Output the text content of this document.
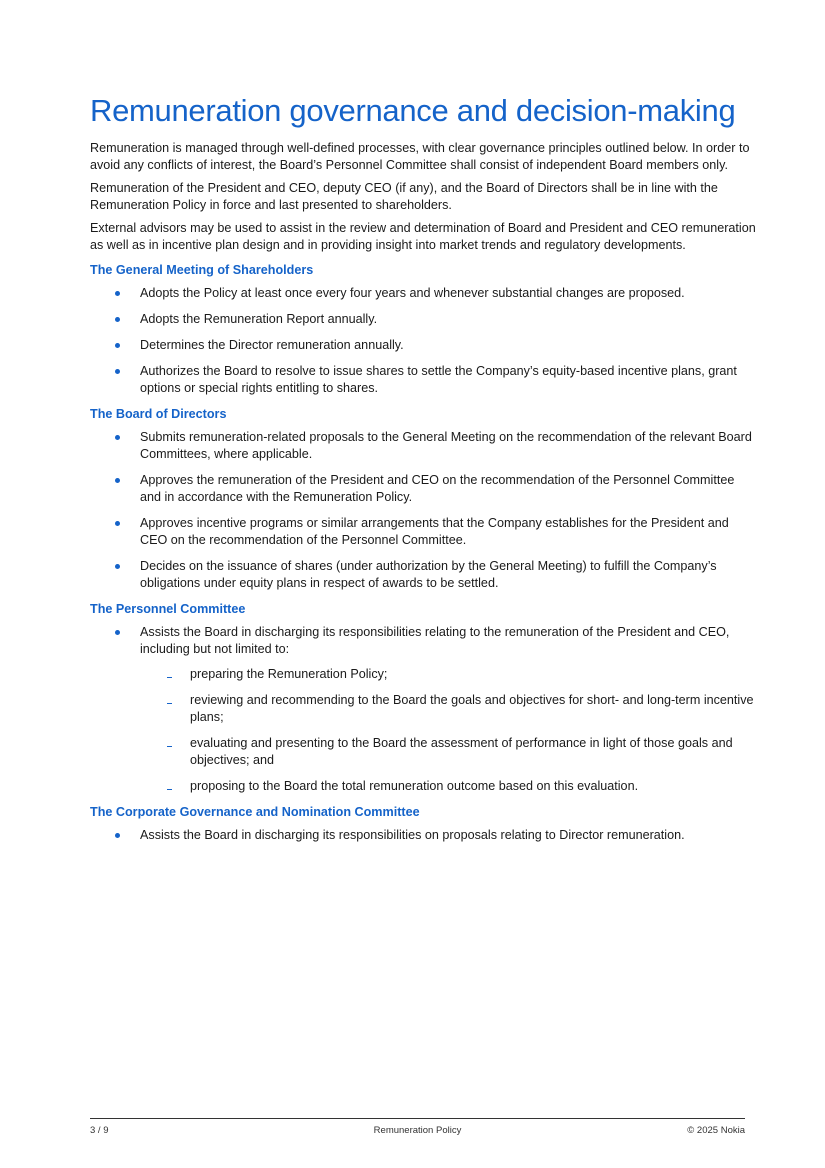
Remuneration governance and decision-making

Remuneration is managed through well-defined processes, with clear governance principles outlined below. In order to avoid any conflicts of interest, the Board’s Personnel Committee shall consist of independent Board members only.

Remuneration of the President and CEO, deputy CEO (if any), and the Board of Directors shall be in line with the Remuneration Policy in force and last presented to shareholders.

External advisors may be used to assist in the review and determination of Board and President and CEO remuneration as well as in incentive plan design and in providing insight into market trends and regulatory developments.

The General Meeting of Shareholders
Adopts the Policy at least once every four years and whenever substantial changes are proposed.
Adopts the Remuneration Report annually.
Determines the Director remuneration annually.
Authorizes the Board to resolve to issue shares to settle the Company’s equity-based incentive plans, grant options or special rights entitling to shares.
The Board of Directors
Submits remuneration-related proposals to the General Meeting on the recommendation of the relevant Board Committees, where applicable.
Approves the remuneration of the President and CEO on the recommendation of the Personnel Committee and in accordance with the Remuneration Policy.
Approves incentive programs or similar arrangements that the Company establishes for the President and CEO on the recommendation of the Personnel Committee.
Decides on the issuance of shares (under authorization by the General Meeting) to fulfill the Company’s obligations under equity plans in respect of awards to be settled.
The Personnel Committee
Assists the Board in discharging its responsibilities relating to the remuneration of the President and CEO, including but not limited to:
preparing the Remuneration Policy;
reviewing and recommending to the Board the goals and objectives for short- and long-term incentive plans;
evaluating and presenting to the Board the assessment of performance in light of those goals and objectives; and
proposing to the Board the total remuneration outcome based on this evaluation.
The Corporate Governance and Nomination Committee
Assists the Board in discharging its responsibilities on proposals relating to Director remuneration.
3 / 9	Remuneration Policy	© 2025 Nokia
